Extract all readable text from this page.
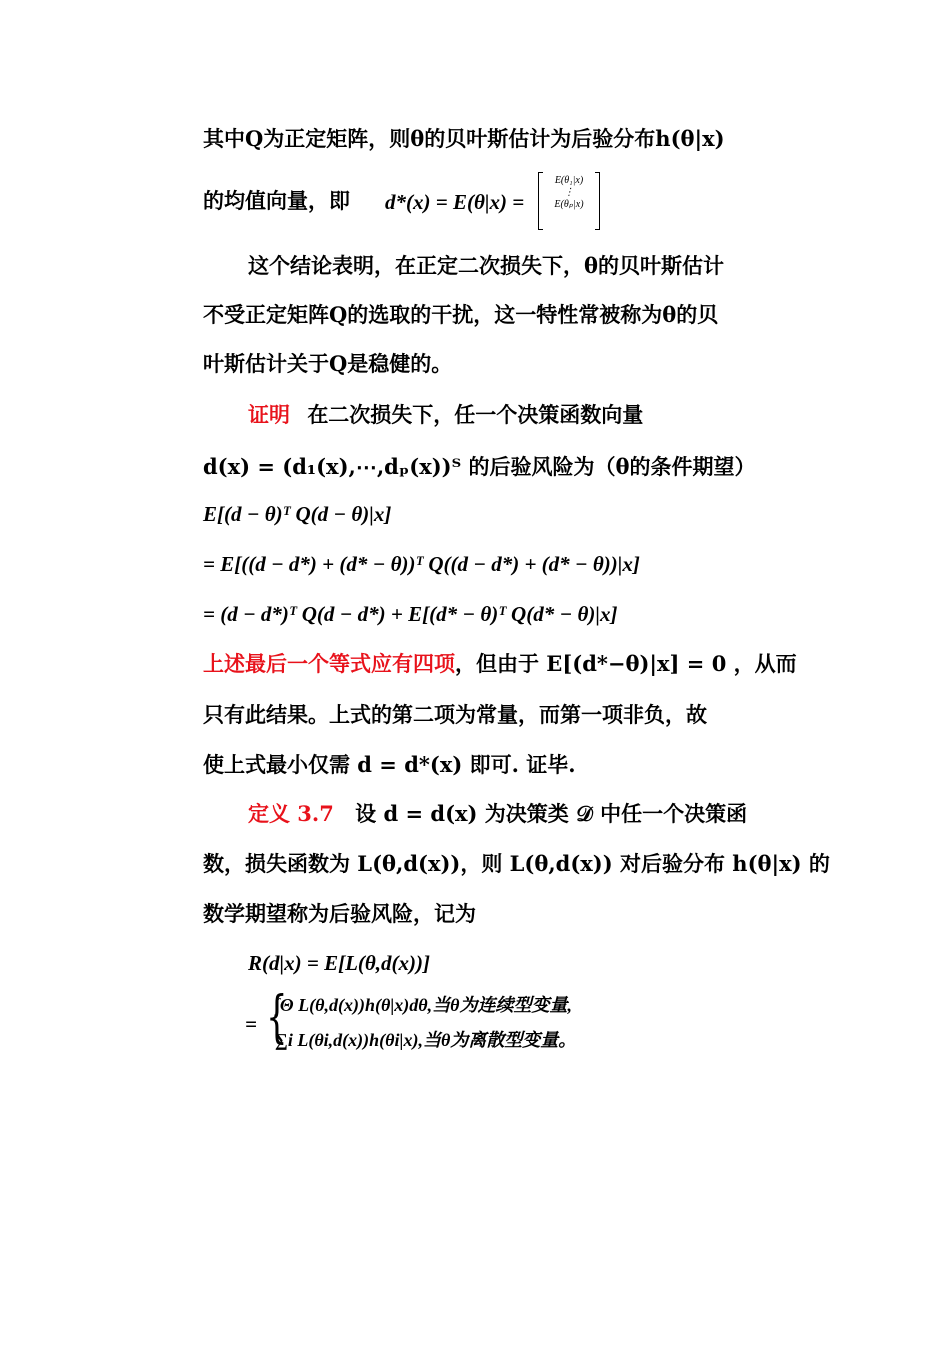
其中Q为正定矩阵，则θ的贝叶斯估计为后验分布h(θ|x)
的均值向量，即 d*(x) = E(θ|x) =
E(θ₁|x)
⋮
E(θₚ|x)
这个结论表明，在正定二次损失下，θ的贝叶斯估计
不受正定矩阵Q的选取的干扰，这一特性常被称为θ的贝
叶斯估计关于Q是稳健的。
证明 在二次损失下，任一个决策函数向量
d(x) = (d₁(x),⋯,dₚ(x))ᵀ 的后验风险为（θ的条件期望）
E[(d − θ)ᵀ Q(d − θ)|x]
= E[((d − d*) + (d* − θ))ᵀ Q((d − d*) + (d* − θ))|x]
= (d − d*)ᵀ Q(d − d*) + E[(d* − θ)ᵀ Q(d* − θ)|x]
上述最后一个等式应有四项，但由于 E[(d*−θ)|x] = 0 ，从而
只有此结果。上式的第二项为常量，而第一项非负，故
使上式最小仅需 d = d*(x) 即可. 证毕.
定义 3.7 设 d = d(x) 为决策类 𝒟 中任一个决策函
数，损失函数为 L(θ,d(x))，则 L(θ,d(x)) 对后验分布 h(θ|x) 的
数学期望称为后验风险，记为
R(d|x) = E[L(θ,d(x))]
= {
∫Θ L(θ,d(x))h(θ|x)dθ,当θ为连续型变量,
∑i L(θi,d(x))h(θi|x),当θ为离散型变量。
